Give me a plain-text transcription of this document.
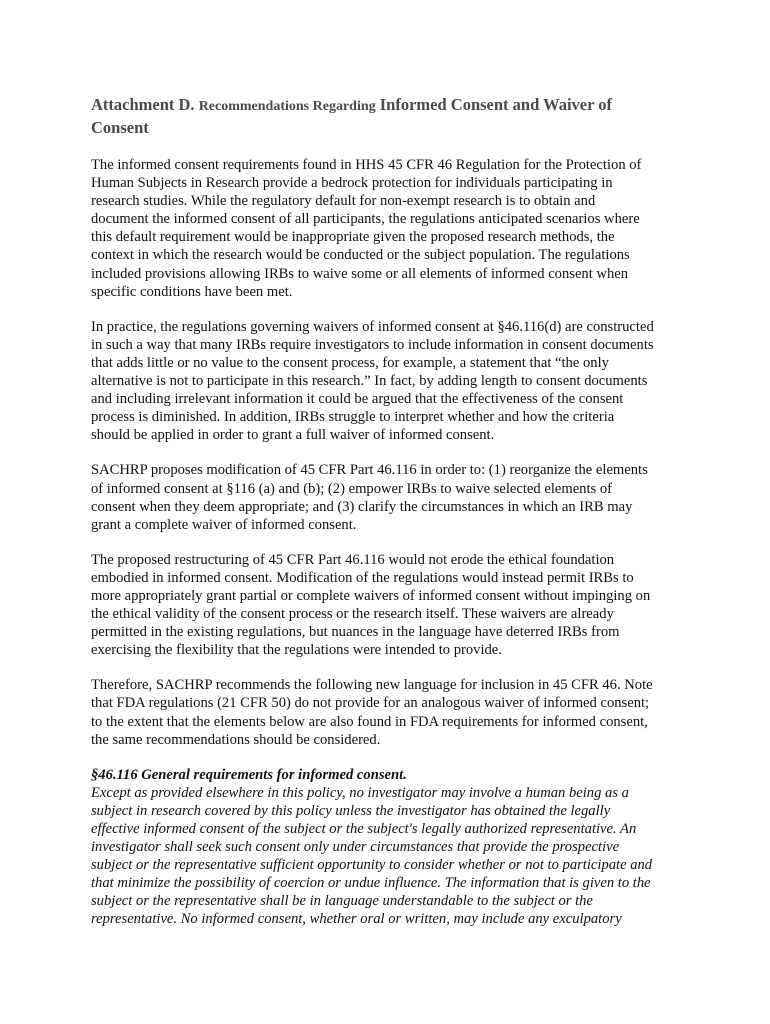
Attachment D. Recommendations Regarding Informed Consent and Waiver of
Consent
The informed consent requirements found in HHS 45 CFR 46 Regulation for the Protection of
Human Subjects in Research provide a bedrock protection for individuals participating in
research studies. While the regulatory default for non-exempt research is to obtain and
document the informed consent of all participants, the regulations anticipated scenarios where
this default requirement would be inappropriate given the proposed research methods, the
context in which the research would be conducted or the subject population. The regulations
included provisions allowing IRBs to waive some or all elements of informed consent when
specific conditions have been met.
In practice, the regulations governing waivers of informed consent at §46.116(d) are constructed
in such a way that many IRBs require investigators to include information in consent documents
that adds little or no value to the consent process, for example, a statement that “the only
alternative is not to participate in this research.” In fact, by adding length to consent documents
and including irrelevant information it could be argued that the effectiveness of the consent
process is diminished. In addition, IRBs struggle to interpret whether and how the criteria
should be applied in order to grant a full waiver of informed consent.
SACHRP proposes modification of 45 CFR Part 46.116 in order to: (1) reorganize the elements
of informed consent at §116 (a) and (b); (2) empower IRBs to waive selected elements of
consent when they deem appropriate; and (3) clarify the circumstances in which an IRB may
grant a complete waiver of informed consent.
The proposed restructuring of 45 CFR Part 46.116 would not erode the ethical foundation
embodied in informed consent. Modification of the regulations would instead permit IRBs to
more appropriately grant partial or complete waivers of informed consent without impinging on
the ethical validity of the consent process or the research itself. These waivers are already
permitted in the existing regulations, but nuances in the language have deterred IRBs from
exercising the flexibility that the regulations were intended to provide.
Therefore, SACHRP recommends the following new language for inclusion in 45 CFR 46. Note
that FDA regulations (21 CFR 50) do not provide for an analogous waiver of informed consent;
to the extent that the elements below are also found in FDA requirements for informed consent,
the same recommendations should be considered.
§46.116 General requirements for informed consent.
Except as provided elsewhere in this policy, no investigator may involve a human being as a
subject in research covered by this policy unless the investigator has obtained the legally
effective informed consent of the subject or the subject's legally authorized representative. An
investigator shall seek such consent only under circumstances that provide the prospective
subject or the representative sufficient opportunity to consider whether or not to participate and
that minimize the possibility of coercion or undue influence. The information that is given to the
subject or the representative shall be in language understandable to the subject or the
representative. No informed consent, whether oral or written, may include any exculpatory
